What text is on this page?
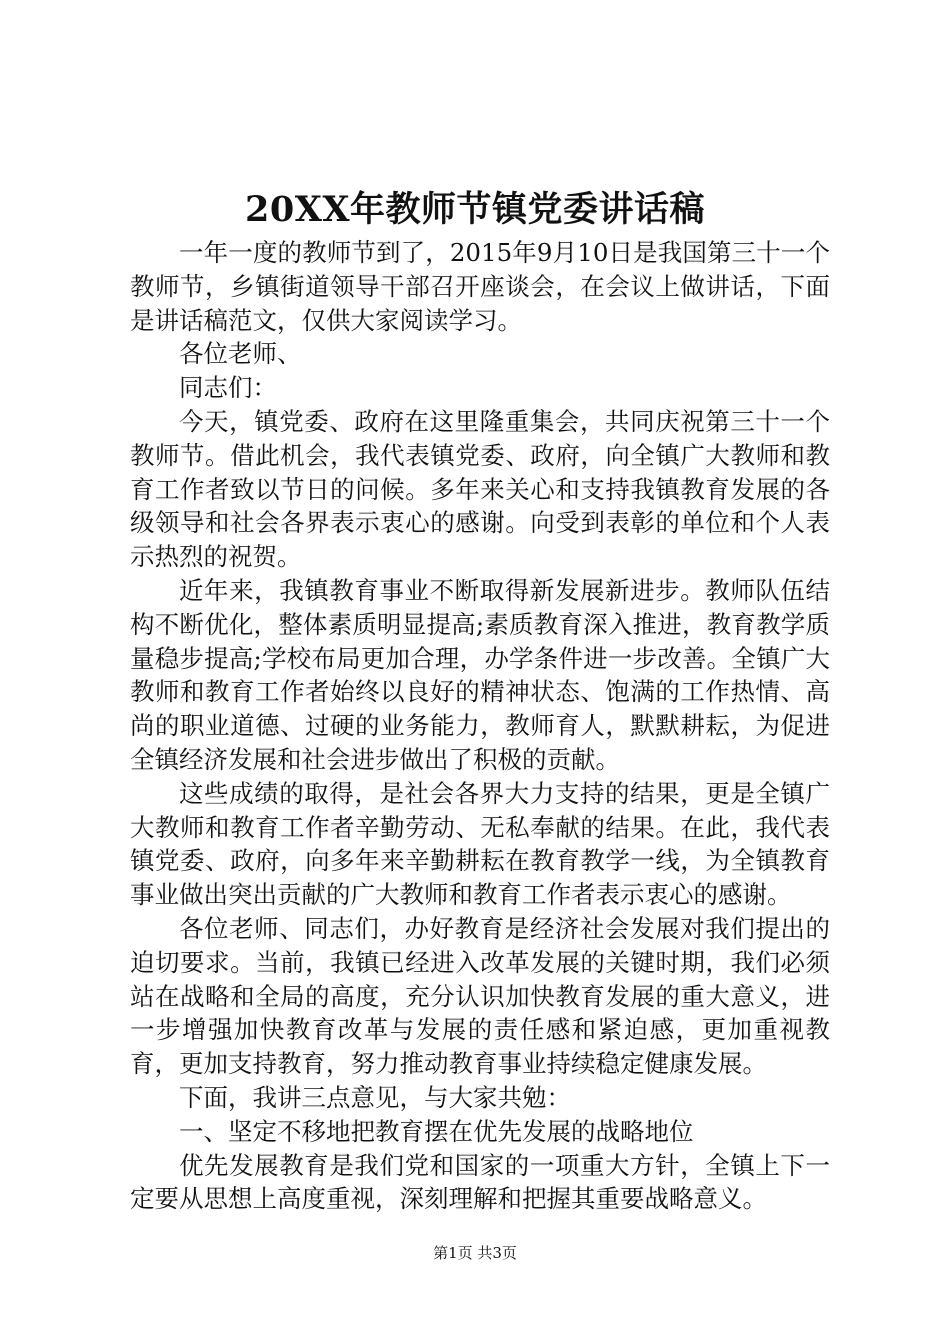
20XX年教师节镇党委讲话稿

一年一度的教师节到了，2015年9月10日是我国第三十一个教师节，乡镇街道领导干部召开座谈会，在会议上做讲话，下面是讲话稿范文，仅供大家阅读学习。

各位老师、

同志们：

今天，镇党委、政府在这里隆重集会，共同庆祝第三十一个教师节。借此机会，我代表镇党委、政府，向全镇广大教师和教育工作者致以节日的问候。多年来关心和支持我镇教育发展的各级领导和社会各界表示衷心的感谢。向受到表彰的单位和个人表示热烈的祝贺。

近年来，我镇教育事业不断取得新发展新进步。教师队伍结构不断优化，整体素质明显提高;素质教育深入推进，教育教学质量稳步提高;学校布局更加合理，办学条件进一步改善。全镇广大教师和教育工作者始终以良好的精神状态、饱满的工作热情、高尚的职业道德、过硬的业务能力，教师育人，默默耕耘，为促进全镇经济发展和社会进步做出了积极的贡献。

这些成绩的取得，是社会各界大力支持的结果，更是全镇广大教师和教育工作者辛勤劳动、无私奉献的结果。在此，我代表镇党委、政府，向多年来辛勤耕耘在教育教学一线，为全镇教育事业做出突出贡献的广大教师和教育工作者表示衷心的感谢。

各位老师、同志们，办好教育是经济社会发展对我们提出的迫切要求。当前，我镇已经进入改革发展的关键时期，我们必须站在战略和全局的高度，充分认识加快教育发展的重大意义，进一步增强加快教育改革与发展的责任感和紧迫感，更加重视教育，更加支持教育，努力推动教育事业持续稳定健康发展。

下面，我讲三点意见，与大家共勉：

一、坚定不移地把教育摆在优先发展的战略地位

优先发展教育是我们党和国家的一项重大方针，全镇上下一定要从思想上高度重视，深刻理解和把握其重要战略意义。

第1页 共3页
